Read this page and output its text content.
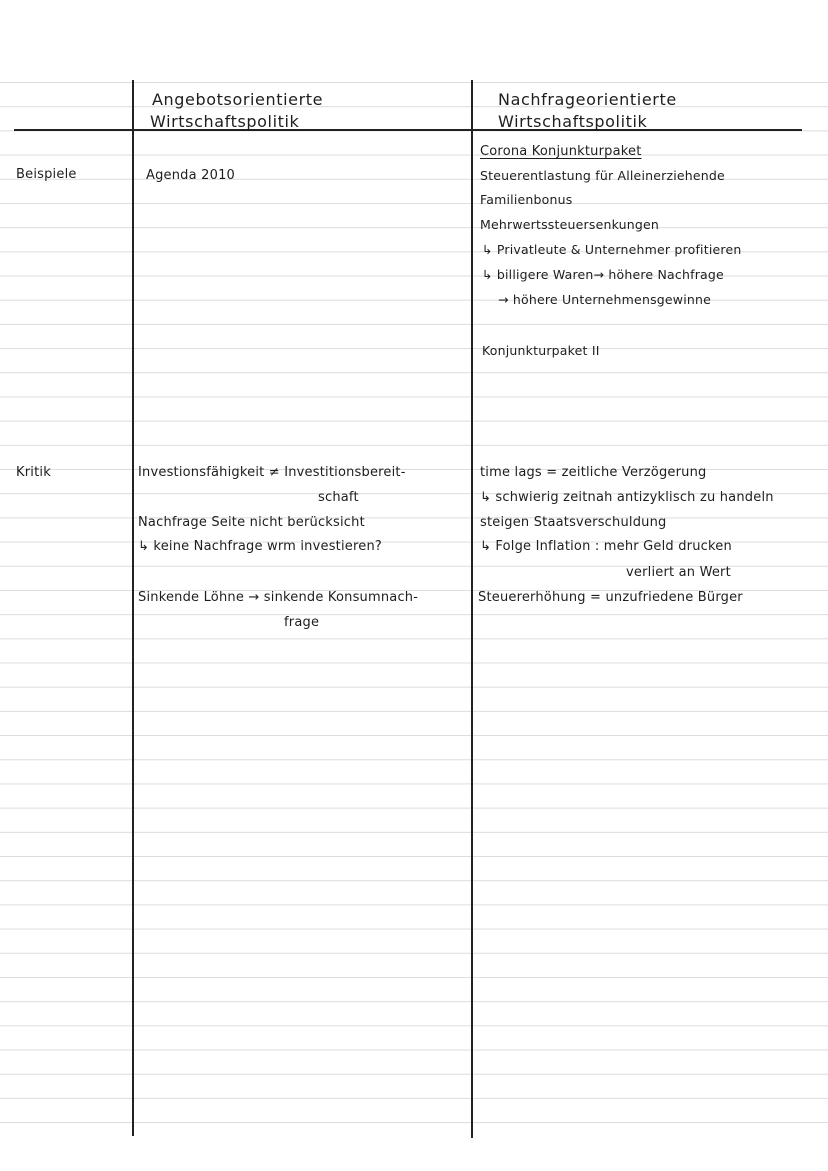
Angebotsorientierte
Wirtschaftspolitik
Nachfrageorientierte
Wirtschaftspolitik
Beispiele	Agenda 2010
Corona Konjunkturpaket
Steuerentlastung für Alleinerziehende
Familienbonus
Mehrwertssteuersenkungen
↳ Privatleute & Unternehmer profitieren
↳ billigere Waren→ höhere Nachfrage
→ höhere Unternehmensgewinne
Konjunkturpaket II
Kritik	Investionsfähigkeit ≠ Investitionsbereit-
schaft
Nachfrage Seite nicht berücksicht
↳ keine Nachfrage wrm investieren?
Sinkende Löhne → sinkende Konsumnach-
frage
time lags = zeitliche Verzögerung
↳ schwierig zeitnah antizyklisch zu handeln
steigen Staatsverschuldung
↳ Folge Inflation : mehr Geld drucken
verliert an Wert
Steuererhöhung = unzufriedene Bürger
